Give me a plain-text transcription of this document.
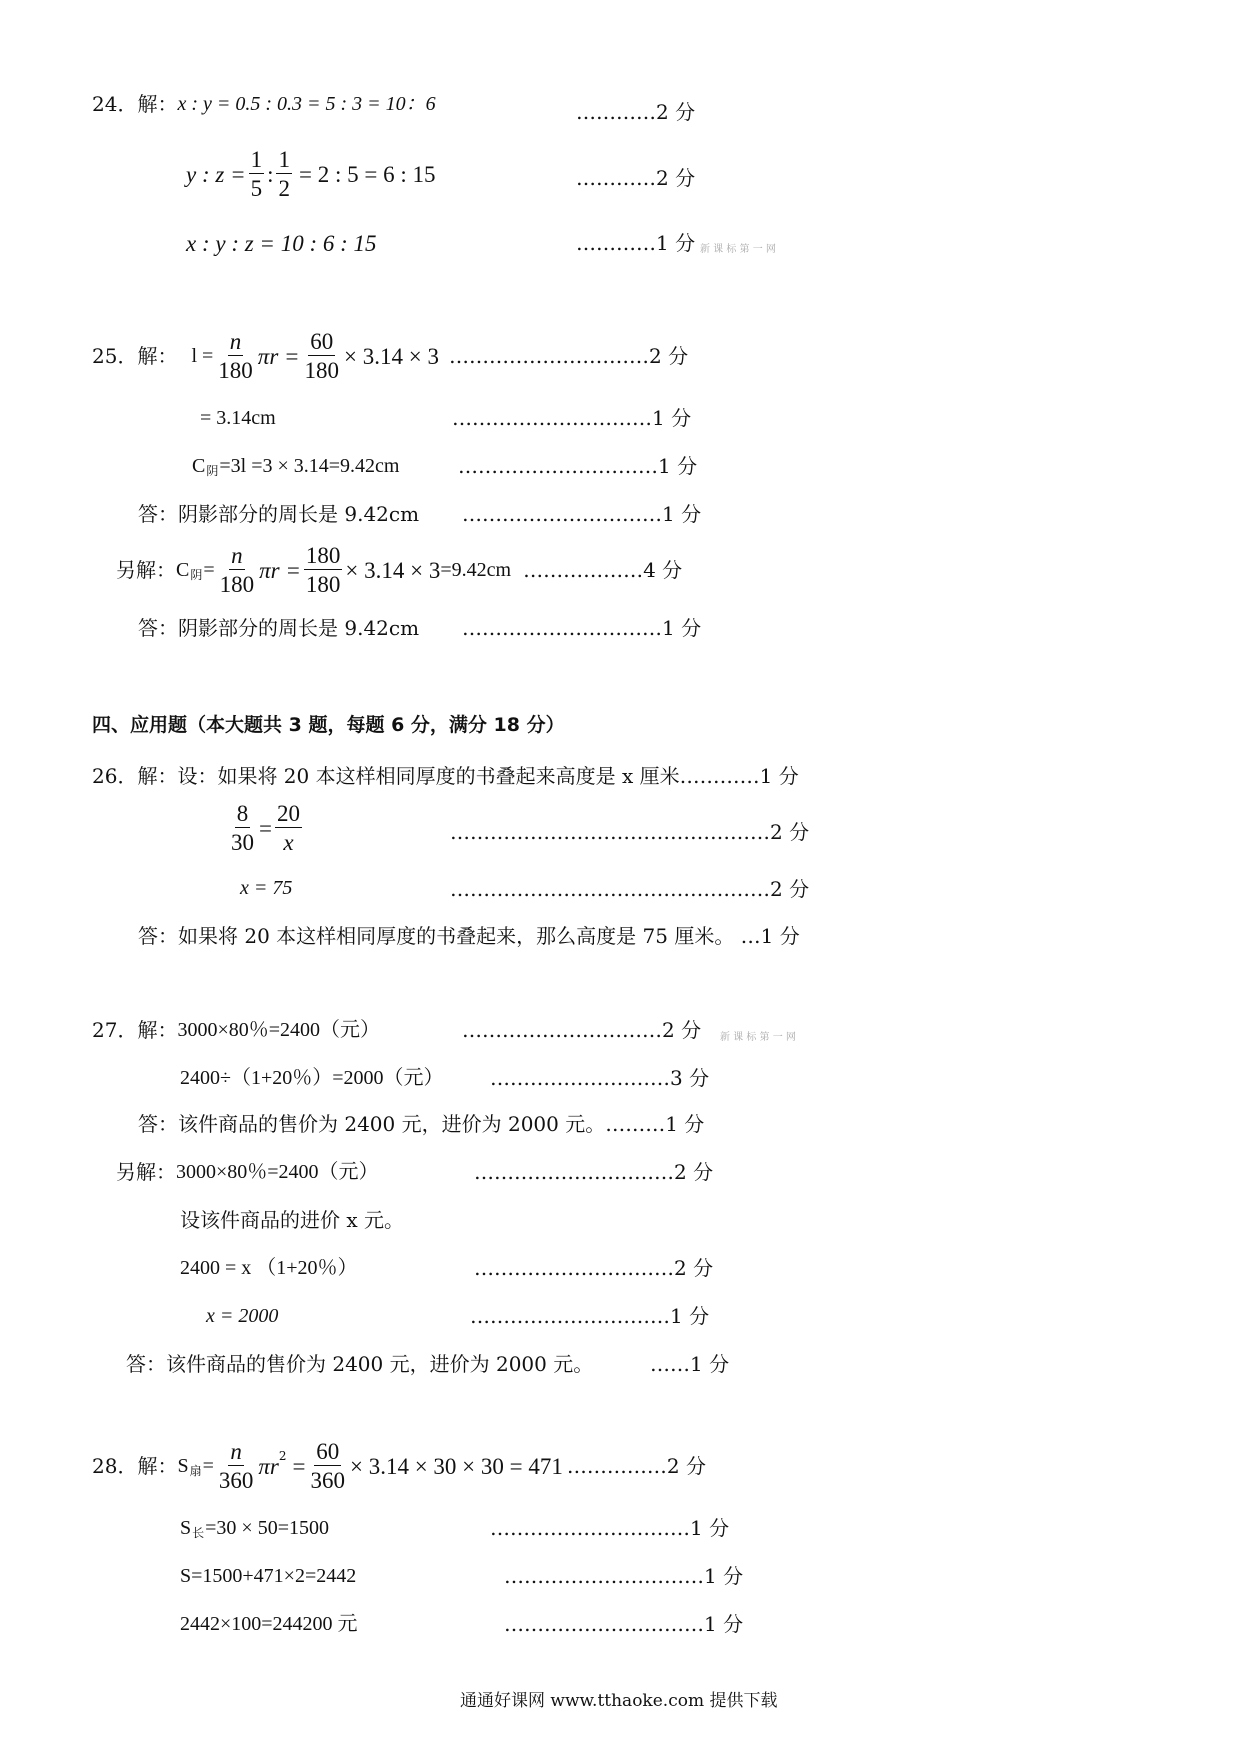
24．解： x : y = 0.5 : 0.3 = 5 : 3 = 10：6	…………2 分
y : $z = \frac{1}{5}$ : $\frac{1}{2} = 2$ : 5 = 6 : 15	…………2 分
x : y : z = 10 : 6 : 15	…………1 分 新 课 标 第 一 网
25．解： $l = \frac{n}{180}$ $\pi r = \frac{60}{180} \times 3.14 \times 3$ …………………………2 分
= 3.14cm	…………………………1 分
C 阴 =3l = 3 × 3.14=9.42cm	…………………………1 分
答：阴影部分的周长是 9.42cm …………………………1 分
另解： C 阴 = $\frac{n}{180}$ $\pi r = \frac{180}{180} \times 3.14 \times 3 =9.42cm$ ………………4 分
答：阴影部分的周长是 9.42cm …………………………1 分
四、应用题（本大题共 3 题，每题 6 分，满分 18 分）
26．解： 设：如果将 20 本这样相同厚度的书叠起来高度是 x 厘米…………1 分
$\frac{8}{30} = \frac{20}{x}$	…………………………………………2 分
x = 75	…………………………………………2 分
答：如果将 20 本这样相同厚度的书叠起来，那么高度是 75 厘米。 …1 分
27．解： 3000×80％=2400（元）	…………………………2 分 新 课 标 第 一 网
2400÷（1+20％）=2000（元） ………………………3 分
答：该件商品的售价为 2400 元，进价为 2000 元。………1 分
另解： 3000×80％=2400（元）	…………………………2 分
设该件商品的进价 x 元。
2400 = x （1+20％）	…………………………2 分
x = 2000	…………………………1 分
答：该件商品的售价为 2400 元，进价为 2000 元。	……1 分
28．解： S 扇 = $\frac{n}{360}$ πr $2 = \frac{60}{360} \times 3.14 \times 30 \times 30 = 471$ ……………2 分
S 长 =30 × 50=1500	…………………………1 分
S=1500+471×2=2442	…………………………1 分
2442×100=244200 元	…………………………1 分
通通好课网 www.tthaoke.com 提供下载
